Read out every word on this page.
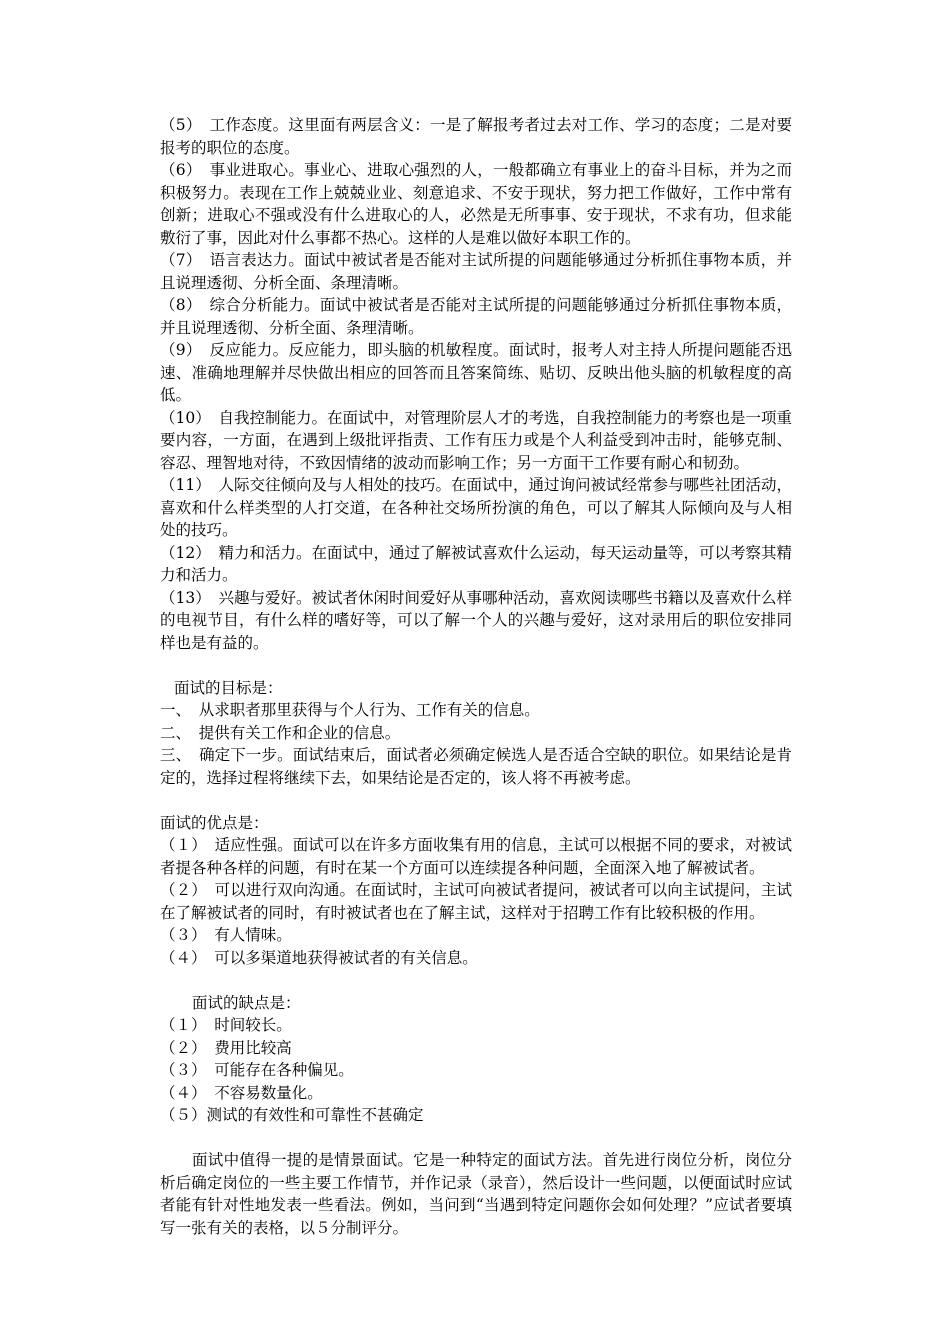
（5）　工作态度。这里面有两层含义：一是了解报考者过去对工作、学习的态度；二是对要报考的职位的态度。

（6）　事业进取心。事业心、进取心强烈的人，一般都确立有事业上的奋斗目标，并为之而积极努力。表现在工作上兢兢业业、刻意追求、不安于现状，努力把工作做好，工作中常有创新；进取心不强或没有什么进取心的人，必然是无所事事、安于现状，不求有功，但求能敷衍了事，因此对什么事都不热心。这样的人是难以做好本职工作的。

（7）　语言表达力。面试中被试者是否能对主试所提的问题能够通过分析抓住事物本质，并且说理透彻、分析全面、条理清晰。

（8）　综合分析能力。面试中被试者是否能对主试所提的问题能够通过分析抓住事物本质，并且说理透彻、分析全面、条理清晰。

（9）　反应能力。反应能力，即头脑的机敏程度。面试时，报考人对主持人所提问题能否迅速、准确地理解并尽快做出相应的回答而且答案简练、贴切、反映出他头脑的机敏程度的高低。

（10）　自我控制能力。在面试中，对管理阶层人才的考选，自我控制能力的考察也是一项重要内容，一方面，在遇到上级批评指责、工作有压力或是个人利益受到冲击时，能够克制、容忍、理智地对待，不致因情绪的波动而影响工作；另一方面干工作要有耐心和韧劲。

（11）　人际交往倾向及与人相处的技巧。在面试中，通过询问被试经常参与哪些社团活动，喜欢和什么样类型的人打交道，在各种社交场所扮演的角色，可以了解其人际倾向及与人相处的技巧。

（12）　精力和活力。在面试中，通过了解被试喜欢什么运动，每天运动量等，可以考察其精力和活力。

（13）　兴趣与爱好。被试者休闲时间爱好从事哪种活动，喜欢阅读哪些书籍以及喜欢什么样的电视节目，有什么样的嗜好等，可以了解一个人的兴趣与爱好，这对录用后的职位安排同样也是有益的。

面试的目标是：

一、　从求职者那里获得与个人行为、工作有关的信息。

二、　提供有关工作和企业的信息。

三、　确定下一步。面试结束后，面试者必须确定候选人是否适合空缺的职位。如果结论是肯定的，选择过程将继续下去，如果结论是否定的，该人将不再被考虑。

面试的优点是：

（１）　适应性强。面试可以在许多方面收集有用的信息，主试可以根据不同的要求，对被试者提各种各样的问题，有时在某一个方面可以连续提各种问题，全面深入地了解被试者。

（２）　可以进行双向沟通。在面试时，主试可向被试者提问，被试者可以向主试提问，主试在了解被试者的同时，有时被试者也在了解主试，这样对于招聘工作有比较积极的作用。

（３）　有人情味。

（４）　可以多渠道地获得被试者的有关信息。

面试的缺点是：

（１）　时间较长。

（２）　费用比较高

（３）　可能存在各种偏见。

（４）　不容易数量化。

（５）测试的有效性和可靠性不甚确定

面试中值得一提的是情景面试。它是一种特定的面试方法。首先进行岗位分析，岗位分析后确定岗位的一些主要工作情节，并作记录（录音），然后设计一些问题，以便面试时应试者能有针对性地发表一些看法。例如，当问到“当遇到特定问题你会如何处理？”应试者要填写一张有关的表格，以５分制评分。
